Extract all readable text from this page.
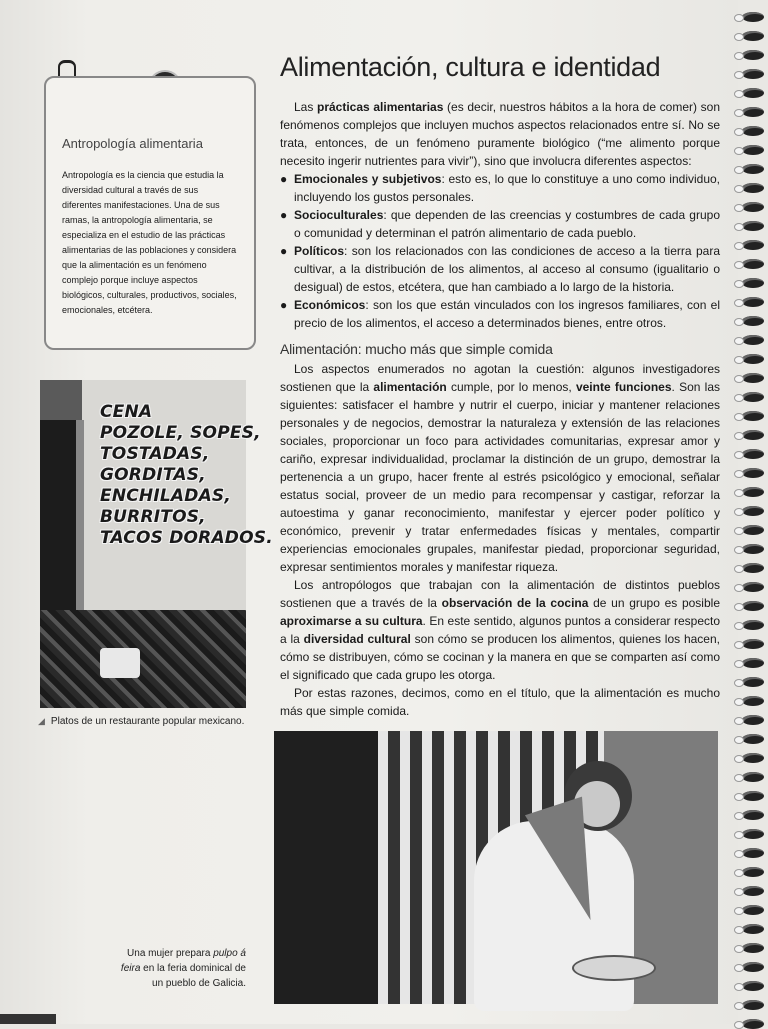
Antropología alimentaria
Antropología es la ciencia que estudia la diversidad cultural a través de sus diferentes manifestaciones. Una de sus ramas, la antropología alimentaria, se especializa en el estudio de las prácticas alimentarias de las poblaciones y considera que la alimentación es un fenómeno complejo porque incluye aspectos biológicos, culturales, productivos, sociales, emocionales, etcétera.
CENA
POZOLE, SOPES,
TOSTADAS,
GORDITAS,
ENCHILADAS,
BURRITOS,
TACOS DORADOS.
◢ Platos de un restaurante popular mexicano.
Una mujer prepara pulpo á feira en la feria dominical de un pueblo de Galicia.
Alimentación, cultura e identidad

Las prácticas alimentarias (es decir, nuestros hábitos a la hora de comer) son fenómenos complejos que incluyen muchos aspectos relacionados entre sí. No se trata, entonces, de un fenómeno puramente biológico (“me alimento porque necesito ingerir nutrientes para vivir”), sino que involucra diferentes aspectos:

● Emocionales y subjetivos: esto es, lo que lo constituye a uno como individuo, incluyendo los gustos personales.
● Socioculturales: que dependen de las creencias y costumbres de cada grupo o comunidad y determinan el patrón alimentario de cada pueblo.
● Políticos: son los relacionados con las condiciones de acceso a la tierra para cultivar, a la distribución de los alimentos, al acceso al consumo (igualitario o desigual) de estos, etcétera, que han cambiado a lo largo de la historia.
● Económicos: son los que están vinculados con los ingresos familiares, con el precio de los alimentos, el acceso a determinados bienes, entre otros.
Alimentación: mucho más que simple comida

Los aspectos enumerados no agotan la cuestión: algunos investigadores sostienen que la alimentación cumple, por lo menos, veinte funciones. Son las siguientes: satisfacer el hambre y nutrir el cuerpo, iniciar y mantener relaciones personales y de negocios, demostrar la naturaleza y extensión de las relaciones sociales, proporcionar un foco para actividades comunitarias, expresar amor y cariño, expresar individualidad, proclamar la distinción de un grupo, demostrar la pertenencia a un grupo, hacer frente al estrés psicológico y emocional, señalar estatus social, proveer de un medio para recompensar y castigar, reforzar la autoestima y ganar reconocimiento, manifestar y ejercer poder político y económico, prevenir y tratar enfermedades físicas y mentales, compartir experiencias emocionales grupales, manifestar piedad, proporcionar seguridad, expresar sentimientos morales y manifestar riqueza.

Los antropólogos que trabajan con la alimentación de distintos pueblos sostienen que a través de la observación de la cocina de un grupo es posible aproximarse a su cultura. En este sentido, algunos puntos a considerar respecto a la diversidad cultural son cómo se producen los alimentos, quienes los hacen, cómo se distribuyen, cómo se cocinan y la manera en que se comparten así como el significado que cada grupo les otorga.

Por estas razones, decimos, como en el título, que la alimentación es mucho más que simple comida.
